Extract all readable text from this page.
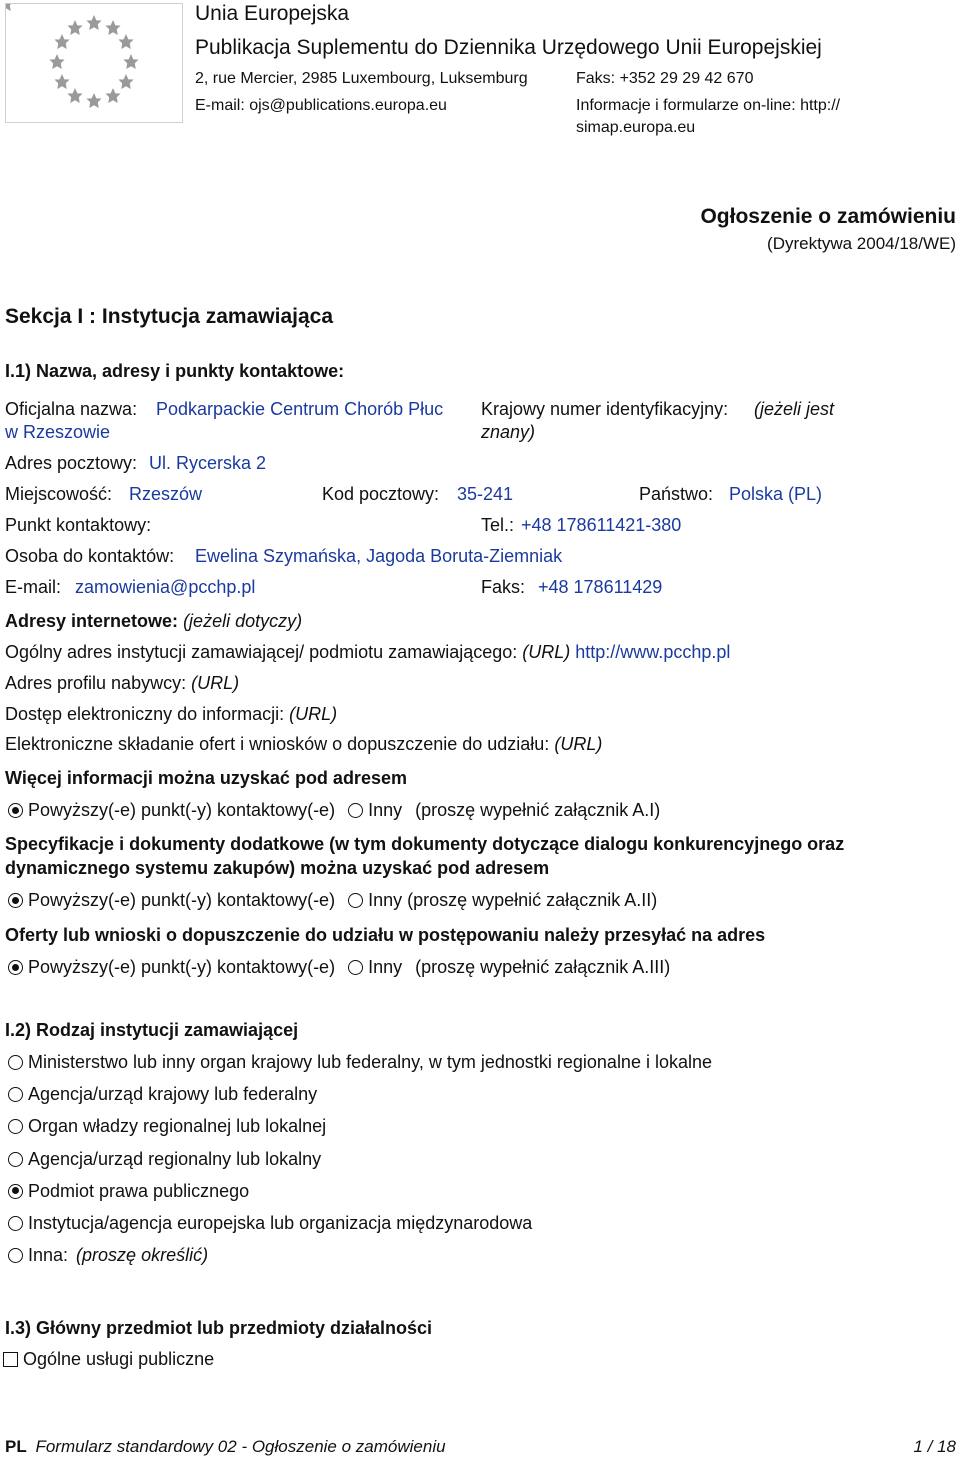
Unia Europejska
Publikacja Suplementu do Dziennika Urzędowego Unii Europejskiej
2, rue Mercier, 2985 Luxembourg, Luksemburg	Faks: +352 29 29 42 670
E-mail: ojs@publications.europa.eu	Informacje i formularze on-line: http://
simap.europa.eu
Ogłoszenie o zamówieniu
(Dyrektywa 2004/18/WE)
Sekcja I : Instytucja zamawiająca
I.1) Nazwa, adresy i punkty kontaktowe:
Oficjalna nazwa: Podkarpackie Centrum Chorób Płuc
w Rzeszowie
Krajowy numer identyfikacyjny: (jeżeli jest
znany)
Adres pocztowy: Ul. Rycerska 2
Miejscowość: Rzeszów	Kod pocztowy: 35-241	Państwo: Polska (PL)
Punkt kontaktowy:	Tel.: +48 178611421-380
Osoba do kontaktów: Ewelina Szymańska, Jagoda Boruta-Ziemniak
E-mail: zamowienia@pcchp.pl	Faks: +48 178611429
Adresy internetowe: (jeżeli dotyczy)
Ogólny adres instytucji zamawiającej/ podmiotu zamawiającego: (URL) http://www.pcchp.pl
Adres profilu nabywcy: (URL)
Dostęp elektroniczny do informacji: (URL)
Elektroniczne składanie ofert i wniosków o dopuszczenie do udziału: (URL)
Więcej informacji można uzyskać pod adresem
Powyższy(-e) punkt(-y) kontaktowy(-e) Inny (proszę wypełnić załącznik A.I)
Specyfikacje i dokumenty dodatkowe (w tym dokumenty dotyczące dialogu konkurencyjnego oraz
dynamicznego systemu zakupów) można uzyskać pod adresem
Powyższy(-e) punkt(-y) kontaktowy(-e) Inny (proszę wypełnić załącznik A.II)
Oferty lub wnioski o dopuszczenie do udziału w postępowaniu należy przesyłać na adres
Powyższy(-e) punkt(-y) kontaktowy(-e) Inny (proszę wypełnić załącznik A.III)
I.2) Rodzaj instytucji zamawiającej
Ministerstwo lub inny organ krajowy lub federalny, w tym jednostki regionalne i lokalne
Agencja/urząd krajowy lub federalny
Organ władzy regionalnej lub lokalnej
Agencja/urząd regionalny lub lokalny
Podmiot prawa publicznego
Instytucja/agencja europejska lub organizacja międzynarodowa
Inna: (proszę określić)
I.3) Główny przedmiot lub przedmioty działalności
Ogólne usługi publiczne
PL Formularz standardowy 02 - Ogłoszenie o zamówieniu	1 / 18
